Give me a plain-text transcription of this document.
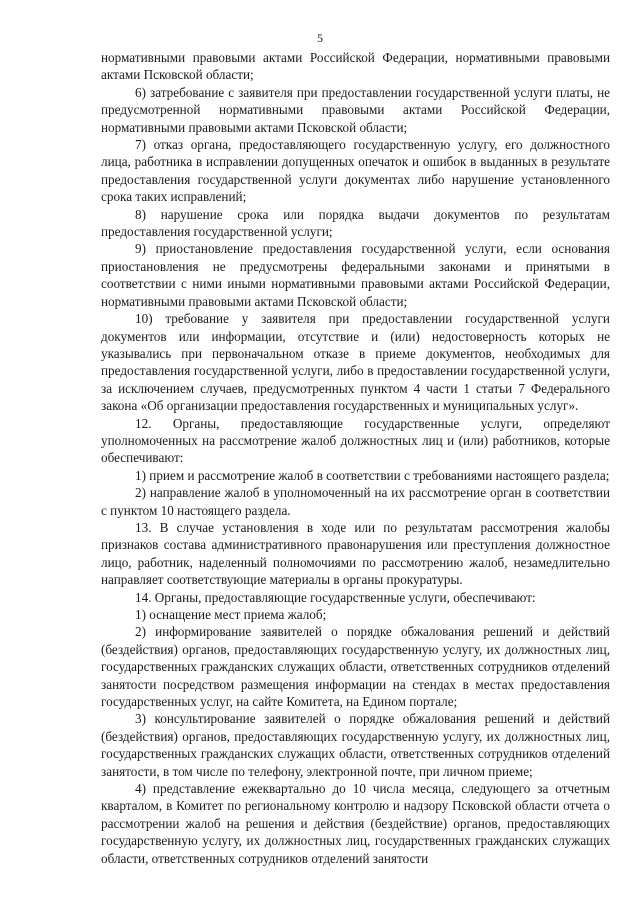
5

нормативными правовыми актами Российской Федерации, нормативными правовыми актами Псковской области;

6) затребование с заявителя при предоставлении государственной услуги платы, не предусмотренной нормативными правовыми актами Российской Федерации, нормативными правовыми актами Псковской области;

7) отказ органа, предоставляющего государственную услугу, его должностного лица, работника в исправлении допущенных опечаток и ошибок в выданных в результате предоставления государственной услуги документах либо нарушение установленного срока таких исправлений;

8) нарушение срока или порядка выдачи документов по результатам предоставления государственной услуги;

9) приостановление предоставления государственной услуги, если основания приостановления не предусмотрены федеральными законами и принятыми в соответствии с ними иными нормативными правовыми актами Российской Федерации, нормативными правовыми актами Псковской области;

10) требование у заявителя при предоставлении государственной услуги документов или информации, отсутствие и (или) недостоверность которых не указывались при первоначальном отказе в приеме документов, необходимых для предоставления государственной услуги, либо в предоставлении государственной услуги, за исключением случаев, предусмотренных пунктом 4 части 1 статьи 7 Федерального закона «Об организации предоставления государственных и муниципальных услуг».

12. Органы, предоставляющие государственные услуги, определяют уполномоченных на рассмотрение жалоб должностных лиц и (или) работников, которые обеспечивают:

1) прием и рассмотрение жалоб в соответствии с требованиями настоящего раздела;

2) направление жалоб в уполномоченный на их рассмотрение орган в соответствии с пунктом 10 настоящего раздела.

13. В случае установления в ходе или по результатам рассмотрения жалобы признаков состава административного правонарушения или преступления должностное лицо, работник, наделенный полномочиями по рассмотрению жалоб, незамедлительно направляет соответствующие материалы в органы прокуратуры.

14. Органы, предоставляющие государственные услуги, обеспечивают:

1) оснащение мест приема жалоб;

2) информирование заявителей о порядке обжалования решений и действий (бездействия) органов, предоставляющих государственную услугу, их должностных лиц, государственных гражданских служащих области, ответственных сотрудников отделений занятости посредством размещения информации на стендах в местах предоставления государственных услуг, на сайте Комитета, на Едином портале;

3) консультирование заявителей о порядке обжалования решений и действий (бездействия) органов, предоставляющих государственную услугу, их должностных лиц, государственных гражданских служащих области, ответственных сотрудников отделений занятости, в том числе по телефону, электронной почте, при личном приеме;

4) представление ежеквартально до 10 числа месяца, следующего за отчетным кварталом, в Комитет по региональному контролю и надзору Псковской области отчета о рассмотрении жалоб на решения и действия (бездействие) органов, предоставляющих государственную услугу, их должностных лиц, государственных гражданских служащих области, ответственных сотрудников отделений занятости
